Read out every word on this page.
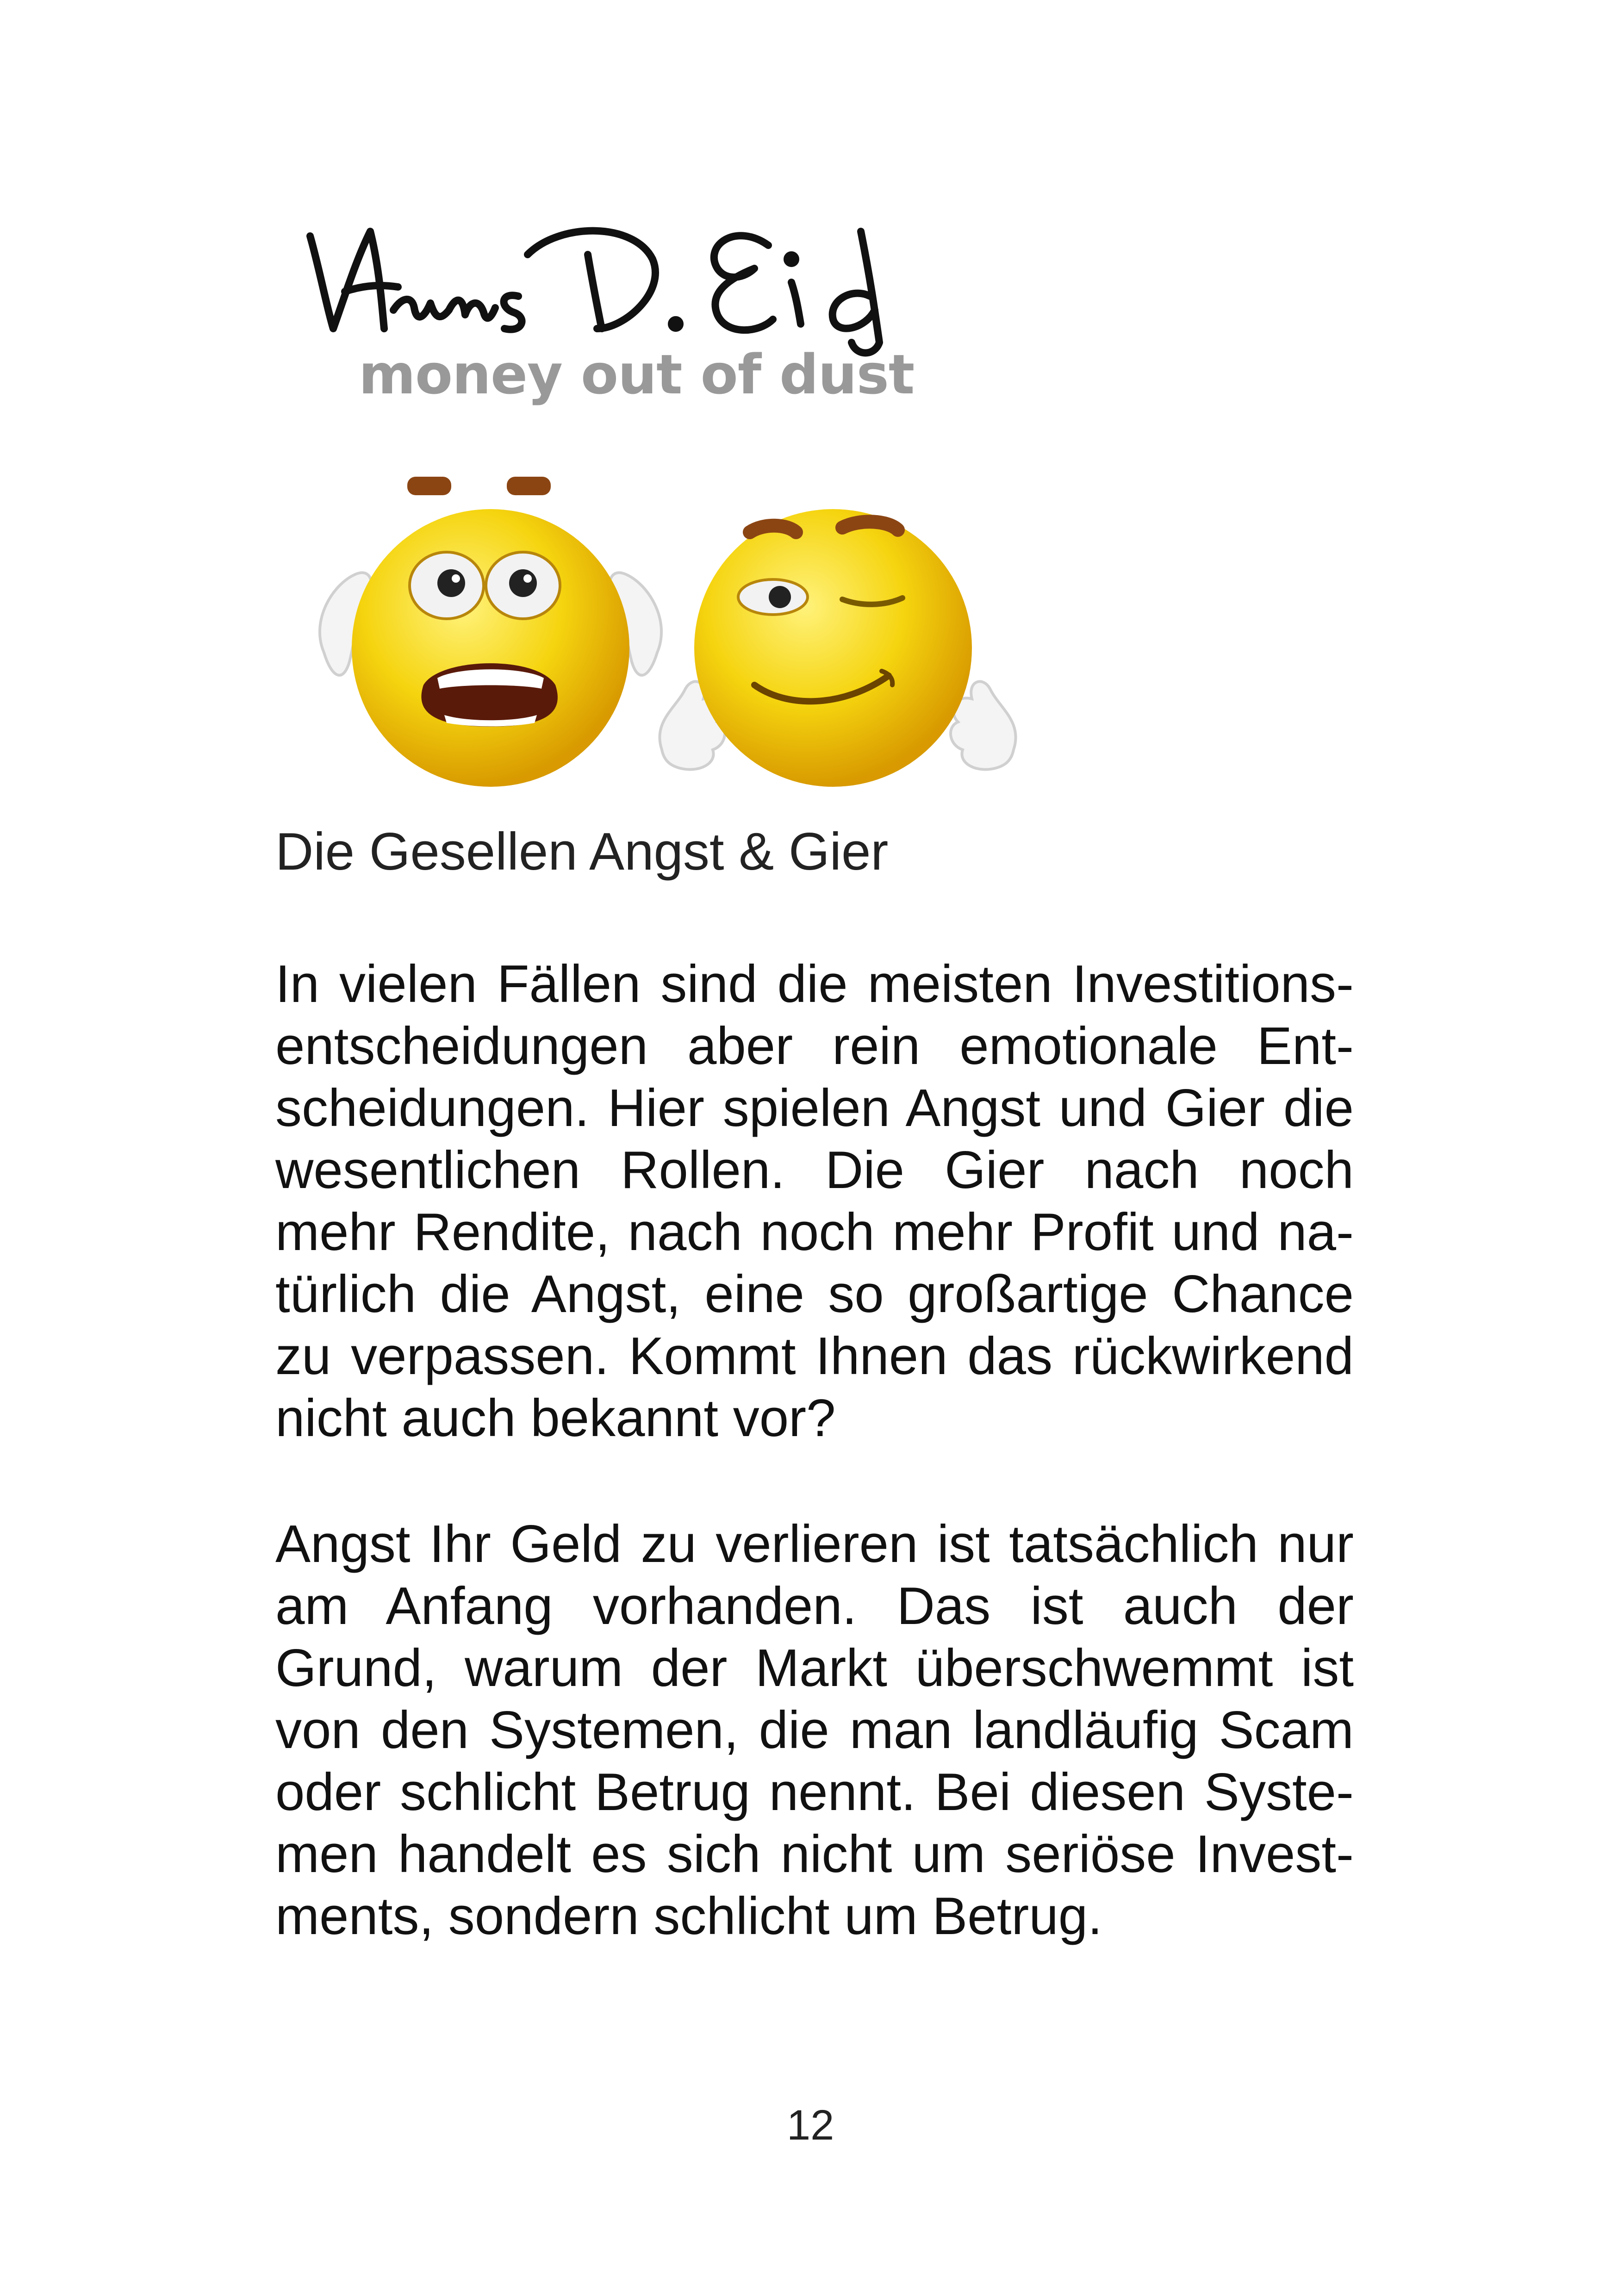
money out of dust
Die Gesellen Angst & Gier

In vielen Fällen sind die meisten Investitionsentscheidungen aber rein emotionale Entscheidungen. Hier spielen Angst und Gier die wesentlichen Rollen. Die Gier nach noch mehr Rendite, nach noch mehr Profit und natürlich die Angst, eine so großartige Chance zu verpassen. Kommt Ihnen das rückwirkend nicht auch bekannt vor?

Angst Ihr Geld zu verlieren ist tatsächlich nur am Anfang vorhanden. Das ist auch der Grund, warum der Markt überschwemmt ist von den Systemen, die man landläufig Scam oder schlicht Betrug nennt. Bei diesen Systemen handelt es sich nicht um seriöse Investments, sondern schlicht um Betrug.

12
